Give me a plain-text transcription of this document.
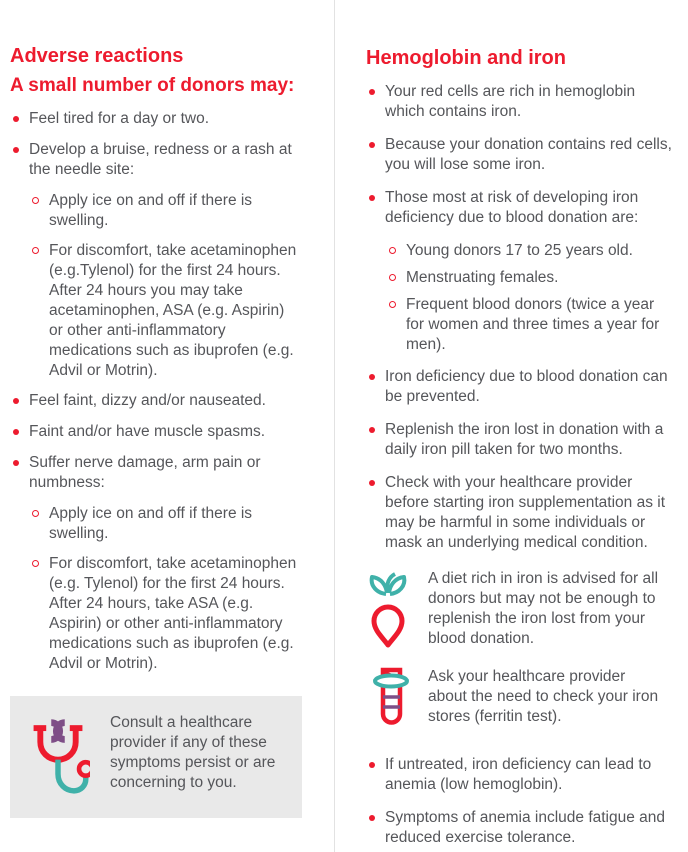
Adverse reactions
A small number of donors may:
Feel tired for a day or two.
Develop a bruise, redness or a rash at the needle site:
Apply ice on and off if there is swelling.
For discomfort, take acetaminophen (e.g.Tylenol) for the first 24 hours. After 24 hours you may take acetaminophen, ASA (e.g. Aspirin) or other anti-inflammatory medications such as ibuprofen (e.g. Advil or Motrin).
Feel faint, dizzy and/or nauseated.
Faint and/or have muscle spasms.
Suffer nerve damage, arm pain or numbness:
Apply ice on and off if there is swelling.
For discomfort, take acetaminophen (e.g. Tylenol) for the first 24 hours. After 24 hours, take ASA (e.g. Aspirin) or other anti-inflammatory medications such as ibuprofen (e.g. Advil or Motrin).

Consult a healthcare provider if any of these symptoms persist or are concerning to you.

Hemoglobin and iron
Your red cells are rich in hemoglobin which contains iron.
Because your donation contains red cells, you will lose some iron.
Those most at risk of developing iron deficiency due to blood donation are:
Young donors 17 to 25 years old.
Menstruating females.
Frequent blood donors (twice a year for women and three times a year for men).
Iron deficiency due to blood donation can be prevented.
Replenish the iron lost in donation with a daily iron pill taken for two months.
Check with your healthcare provider before starting iron supplementation as it may be harmful in some individuals or mask an underlying medical condition.

A diet rich in iron is advised for all donors but may not be enough to replenish the iron lost from your blood donation.

Ask your healthcare provider about the need to check your iron stores (ferritin test).

If untreated, iron deficiency can lead to anemia (low hemoglobin).
Symptoms of anemia include fatigue and reduced exercise tolerance.
